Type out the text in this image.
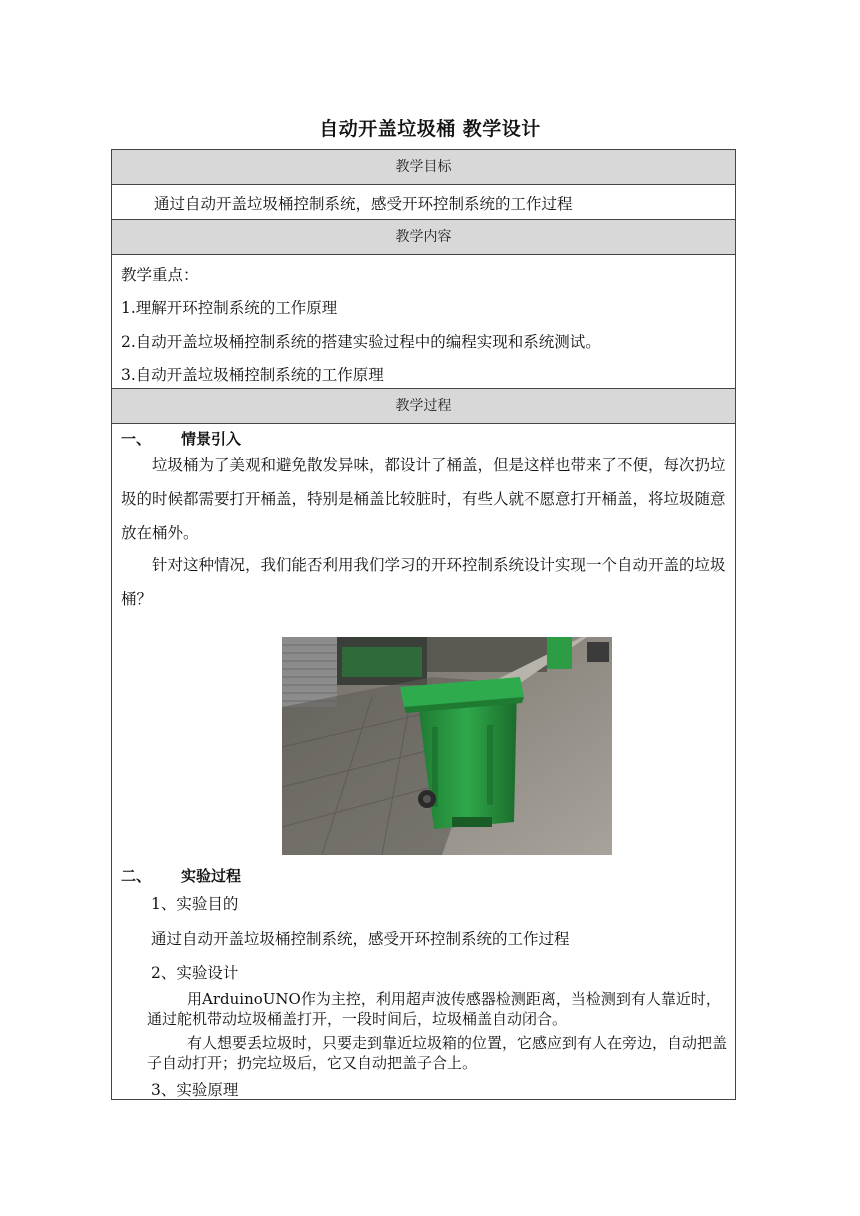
自动开盖垃圾桶 教学设计
教学目标
通过自动开盖垃圾桶控制系统，感受开环控制系统的工作过程
教学内容
教学重点：
1.理解开环控制系统的工作原理
2.自动开盖垃圾桶控制系统的搭建实验过程中的编程实现和系统测试。
3.自动开盖垃圾桶控制系统的工作原理
教学过程
一、 情景引入
垃圾桶为了美观和避免散发异味，都设计了桶盖，但是这样也带来了不便，每次扔垃圾的时候都需要打开桶盖，特别是桶盖比较脏时，有些人就不愿意打开桶盖，将垃圾随意放在桶外。
针对这种情况，我们能否利用我们学习的开环控制系统设计实现一个自动开盖的垃圾桶？
二、 实验过程
1、实验目的
通过自动开盖垃圾桶控制系统，感受开环控制系统的工作过程
2、实验设计
用ArduinoUNO作为主控，利用超声波传感器检测距离，当检测到有人靠近时，通过舵机带动垃圾桶盖打开，一段时间后，垃圾桶盖自动闭合。
有人想要丢垃圾时，只要走到靠近垃圾箱的位置，它感应到有人在旁边，自动把盖子自动打开；扔完垃圾后，它又自动把盖子合上。
3、实验原理
